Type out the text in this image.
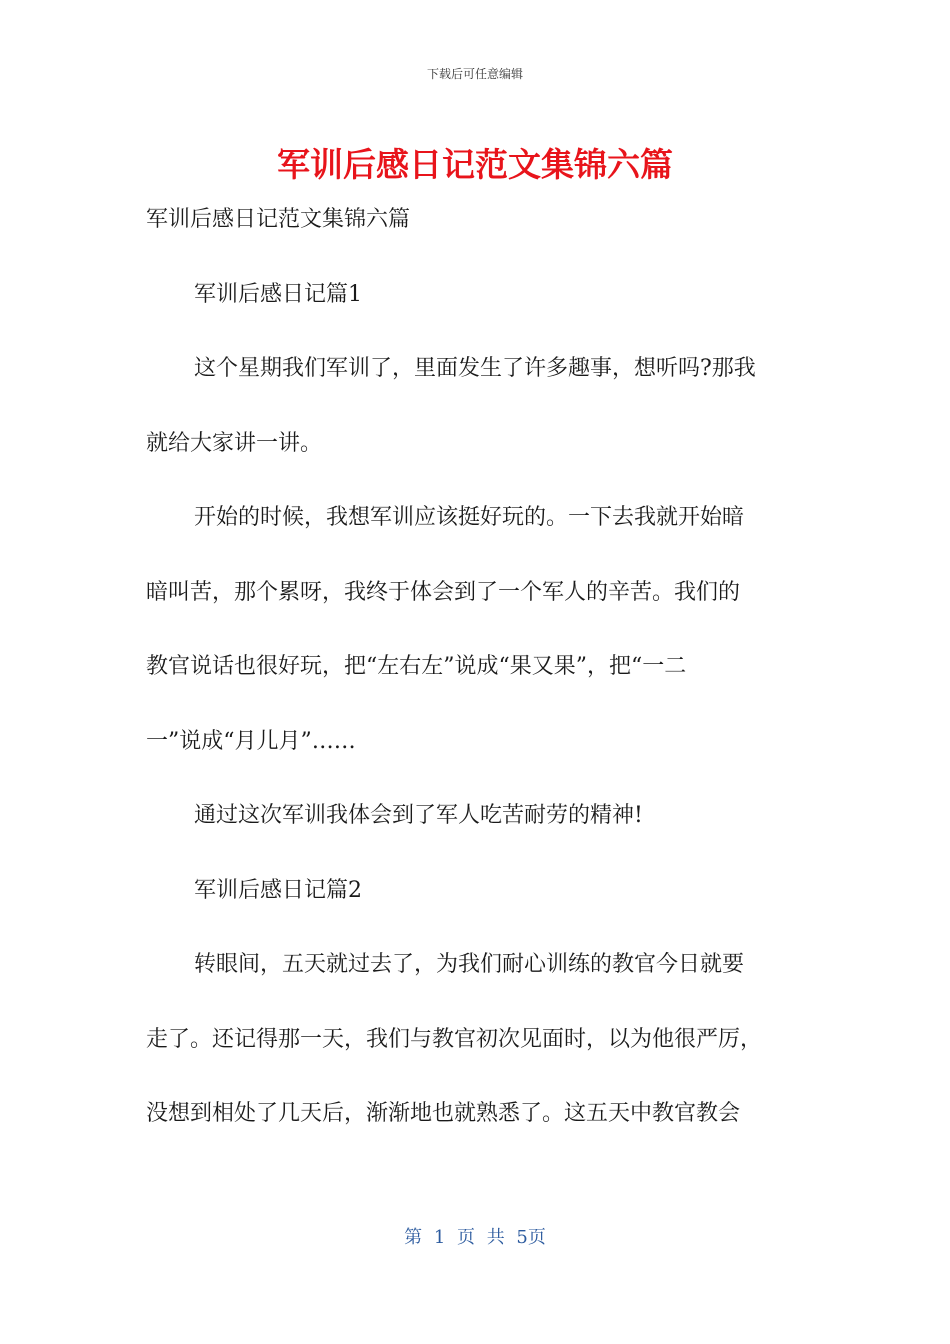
下载后可任意编辑
军训后感日记范文集锦六篇

军训后感日记范文集锦六篇

军训后感日记篇1

这个星期我们军训了，里面发生了许多趣事，想听吗?那我

就给大家讲一讲。

开始的时候，我想军训应该挺好玩的。一下去我就开始暗

暗叫苦，那个累呀，我终于体会到了一个军人的辛苦。我们的

教官说话也很好玩，把“左右左”说成“果又果”，把“一二

一”说成“月儿月”……

通过这次军训我体会到了军人吃苦耐劳的精神!

军训后感日记篇2

转眼间，五天就过去了，为我们耐心训练的教官今日就要

走了。还记得那一天，我们与教官初次见面时，以为他很严厉，

没想到相处了几天后，渐渐地也就熟悉了。这五天中教官教会

第 1 页 共 5页
